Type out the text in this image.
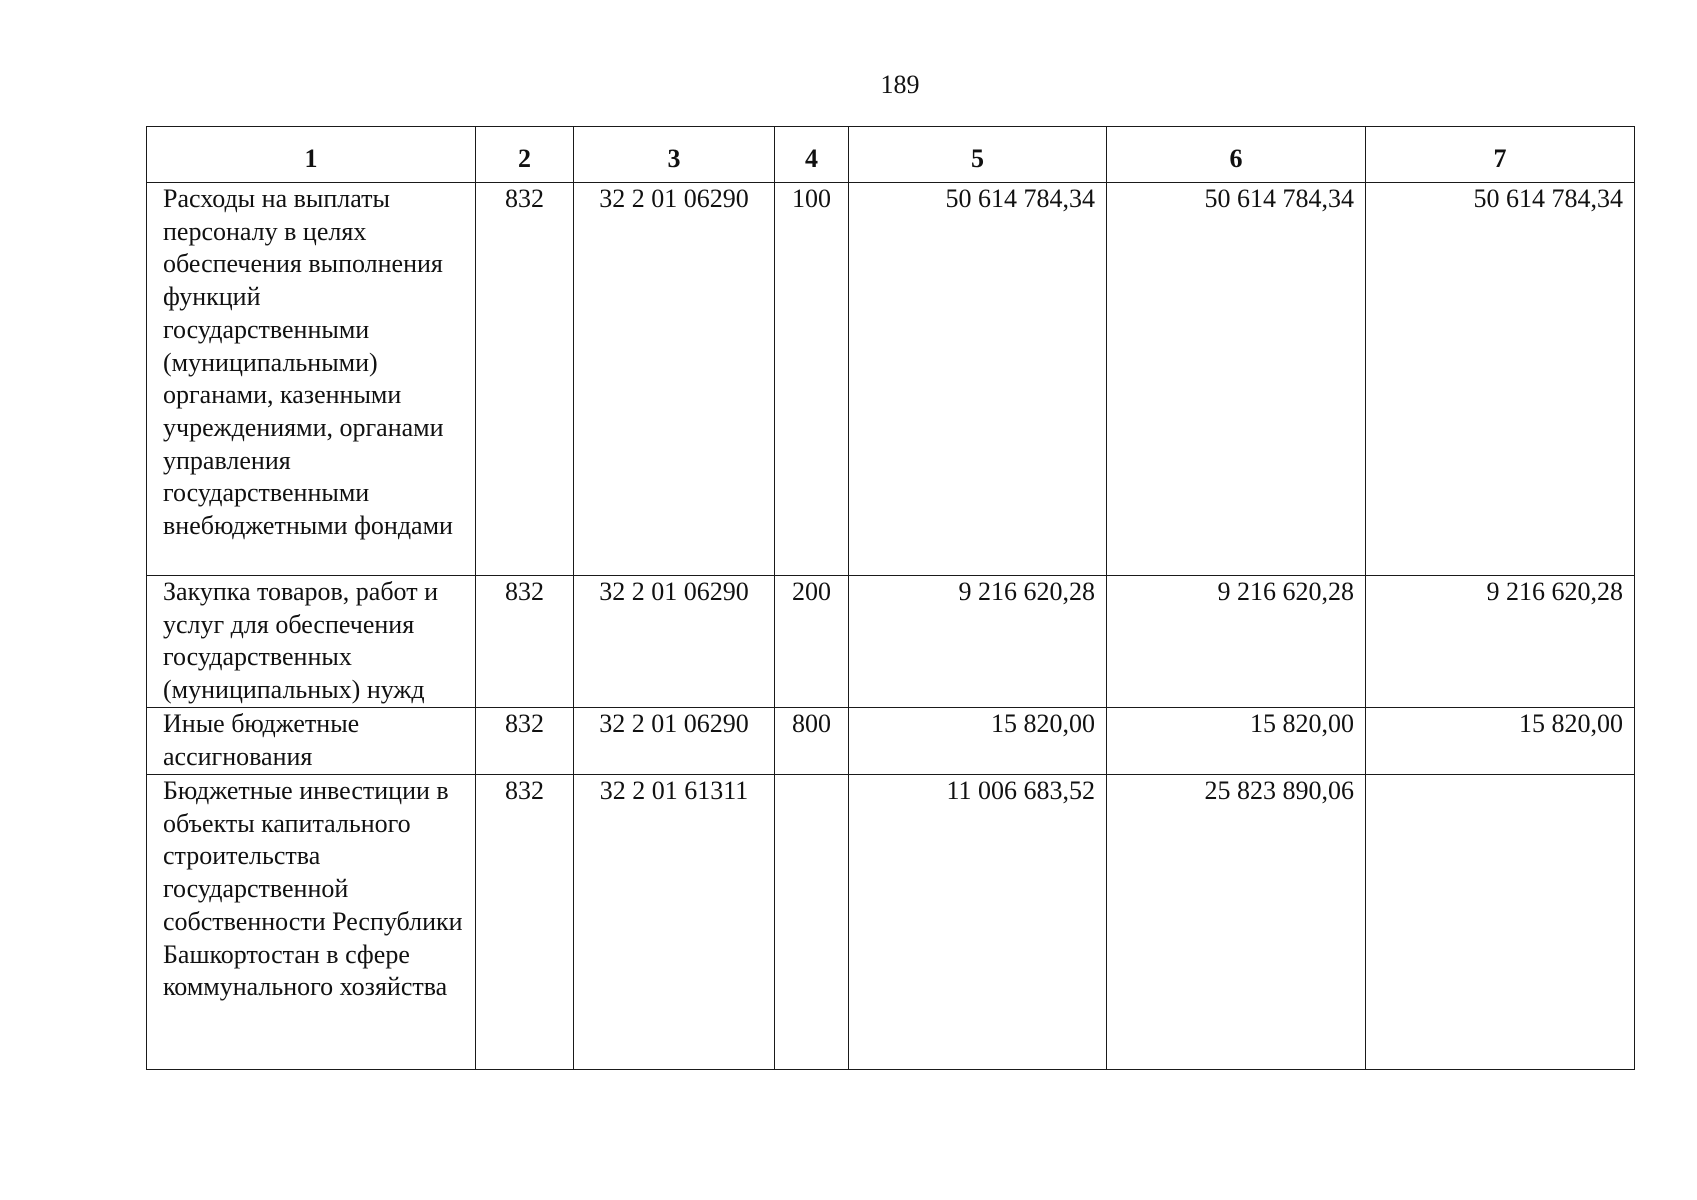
189
1	2	3	4	5	6	7
Расходы на выплаты персоналу в целях обеспечения выполнения функций государственными (муниципальными) органами, казенными учреждениями, органами управления государственными внебюджетными фондами	832	32 2 01 06290	100	50 614 784,34	50 614 784,34	50 614 784,34
Закупка товаров, работ и услуг для обеспечения государственных (муниципальных) нужд	832	32 2 01 06290	200	9 216 620,28	9 216 620,28	9 216 620,28
Иные бюджетные ассигнования	832	32 2 01 06290	800	15 820,00	15 820,00	15 820,00
Бюджетные инвестиции в объекты капитального строительства государственной собственности Республики Башкортостан в сфере коммунального хозяйства	832	32 2 01 61311		11 006 683,52	25 823 890,06	
